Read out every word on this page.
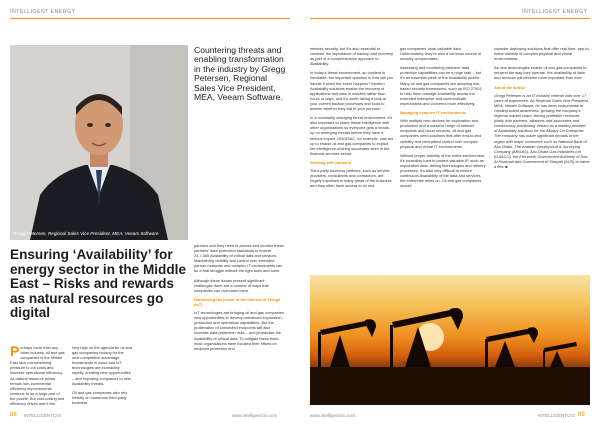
INTELLIGENT ENERGY	INTELLIGENT ENERGY
Gregg Petersen, Regional Sales Vice President, MEA, Veeam Software
Countering threats and enabling transformation in the industry by Gregg Petersen, Regional Sales Vice President, MEA, Veeam Software.
Ensuring ‘Availability’ for energy sector in the Middle East – Risks and rewards as natural resources go digital
P erhaps more than any other industry, oil and gas companies in the Middle East face overwhelming pressure to cut costs and increase operational efficiency. As natural resource prices remain low, incremental efficiency improvements continue to be a huge part of the puzzle. But cost-cutting and efficiency drives aren’t the

very high on the agenda for oil and gas companies looking for the next competitive advantage. Investments in cloud and IoT technologies are increasing rapidly, creating new opportunities – and exposing companies to new Availability threats.

Oil and gas companies also rely heavily on numerous third-party business

partners and they need to access and monitor these partners’ data protection standards to ensure 24.7.365 Availability of critical data and services. Maintaining visibility and control over extended partner networks and complex IT environments can be a real struggle without the right tools and tools.

Although these issues present significant challenges there are a number of ways that companies can overcome them.

Harnessing the power of the Internet of Things (IoT)

IoT technologies are bringing oil and gas companies new opportunities to develop advanced exploration, production and operations capabilities. But the proliferation of connected endpoints will also increase data protection risks – and jeopardise the Availability of critical data. To mitigate these risks, most organisations have focused their efforts on endpoint protection and

network security, but it’s also essential to consider the importance of backup and recovery as part of a comprehensive approach to Availability.

In today’s threat environment, an incident is inevitable; the important question is how will you handle it when the event happens? Modern Availability solutions enable the recovery of applications and data in minutes rather than hours or days, and it’s worth taking a look at your current backup processes and tools to assess whether they still fit your purpose.

In a constantly changing threat environment, it’s also important to share threat intelligence with other organisations so everyone gets a heads-up on emerging threats before they have a serious impact. ONGISAC, for example, was set up to enable oil and gas companies to exploit the intelligence-sharing successes seen in the financial services sector.

Working with partners

Third-party business partners, such as service providers, consultants and contractors, are hugely important in many areas of the business and they often have access to oil and

gas companies’ most valuable data. Unfortunately, they’re also a common source of security compromises.

Assessing and monitoring partners’ data protection capabilities can be a huge task – but it’s an essential piece of the Availability puzzle. Many oil and gas companies are adopting risk-based security frameworks, such as ISO 27001, to help them manage Availability across the extended enterprise and communicate expectations and concerns more effectively.

Managing complex IT environments

With multiple new devices for exploration and production and a massive range of network endpoints and cloud services, oil and gas companies need solutions that offer end-to-end visibility and centralised control over complex physical and virtual IT environments.

Without proper visibility of the entire environment, it’s incredibly hard to protect valuable IP, such as exploration data, drilling technologies and refinery processes. It’s also very difficult to ensure continuous Availability of the data and services the enterprise relies on. Oil and gas companies should

consider deploying solutions that offer real-time, app-to-metal visibility of complex physical and virtual environments.

As new technologies enable oil and gas companies to reinvent the way they operate, the Availability of data and services will become more important than ever.

About the author

Gregg Petersen is an IT industry veteran with over 17 years of experience. As Regional Sales Vice President, MEA, Veeam Software, he has been instrumental in creating brand awareness, growing the company’s regional market share, driving profitable revenues jointly with partners, alliances and associates and continuously positioning Veeam as a leading provider of Availability solutions for the Always-On Enterprise. The company has made significant inroads in the region with major customers such as National Bank of Abu Dhabi, The Arabian Geophysical & Surveying Company (ARGAS), Abu Dhabi Gas Industries Ltd (GASCO), the Electronic Government Authority of Ras Al Khaimah and Government of Sharjah (AUS) to name a few. ■

88 INTELLIGENTCIO	www.intelligentcio.com	www.intelligentcio.com	INTELLIGENTCIO 89
